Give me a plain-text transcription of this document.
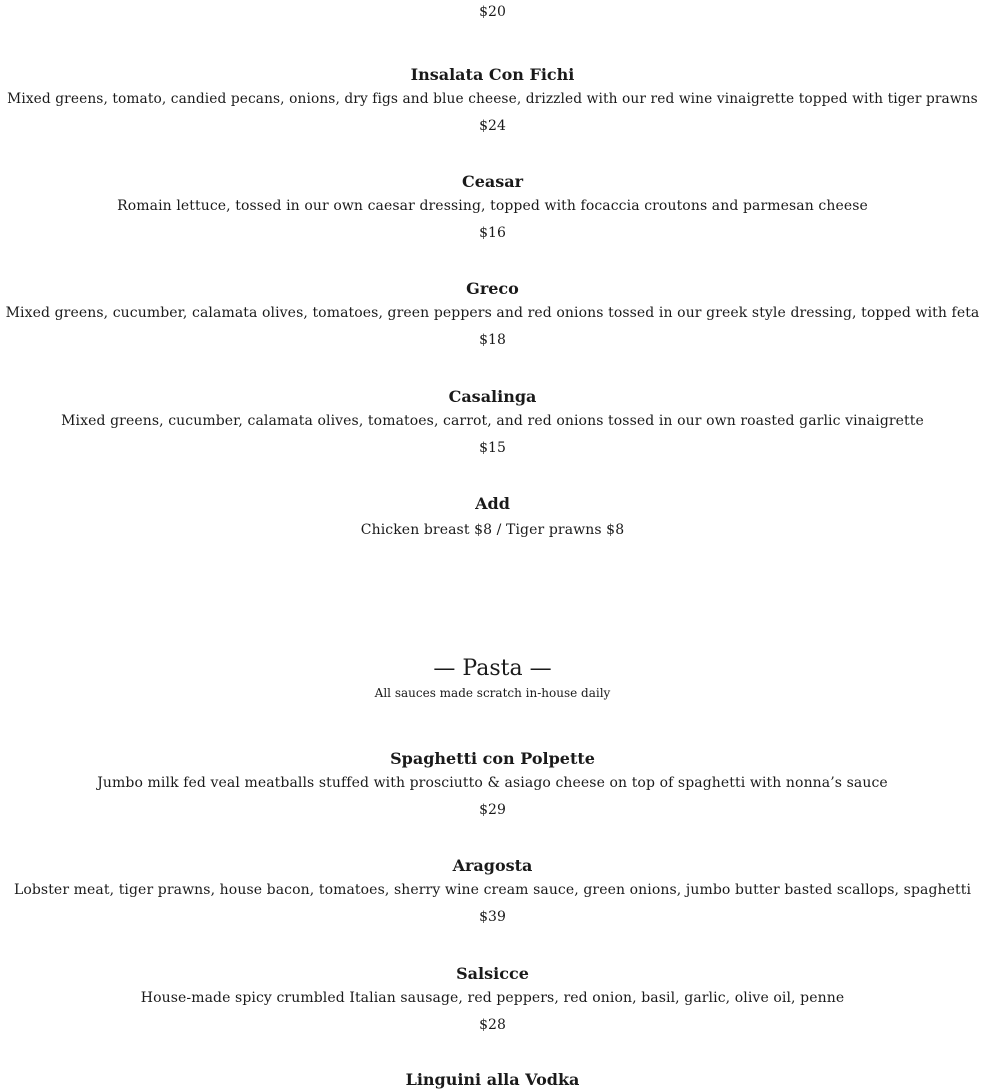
$20
Insalata Con Fichi
Mixed greens, tomato, candied pecans, onions, dry figs and blue cheese, drizzled with our red wine vinaigrette topped with tiger prawns
$24
Ceasar
Romain lettuce, tossed in our own caesar dressing, topped with focaccia croutons and parmesan cheese
$16
Greco
Mixed greens, cucumber, calamata olives, tomatoes, green peppers and red onions tossed in our greek style dressing, topped with feta
$18
Casalinga
Mixed greens, cucumber, calamata olives, tomatoes, carrot, and red onions tossed in our own roasted garlic vinaigrette
$15
Add
Chicken breast $8 / Tiger prawns $8
— Pasta —
All sauces made scratch in-house daily
Spaghetti con Polpette
Jumbo milk fed veal meatballs stuffed with prosciutto & asiago cheese on top of spaghetti with nonna’s sauce
$29
Aragosta
Lobster meat, tiger prawns, house bacon, tomatoes, sherry wine cream sauce, green onions, jumbo butter basted scallops, spaghetti
$39
Salsicce
House-made spicy crumbled Italian sausage, red peppers, red onion, basil, garlic, olive oil, penne
$28
Linguini alla Vodka
